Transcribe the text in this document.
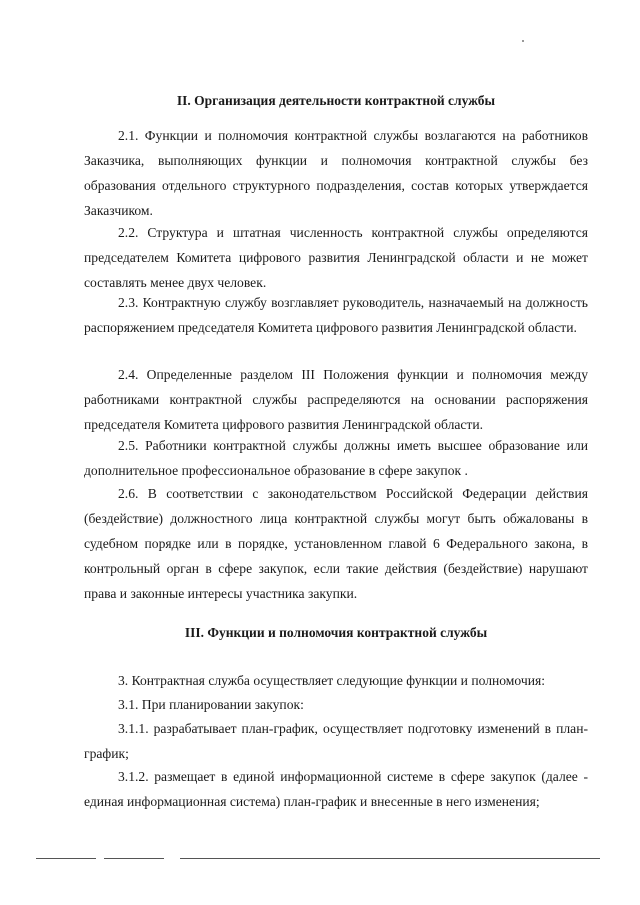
II. Организация деятельности контрактной службы

2.1. Функции и полномочия контрактной службы возлагаются на работников Заказчика, выполняющих функции и полномочия контрактной службы без образования отдельного структурного подразделения, состав которых утверждается Заказчиком.

2.2. Структура и штатная численность контрактной службы определяются председателем Комитета цифрового развития Ленинградской области и не может составлять менее двух человек.

2.3. Контрактную службу возглавляет руководитель, назначаемый на должность распоряжением председателя Комитета цифрового развития Ленинградской области.

2.4. Определенные разделом III Положения функции и полномочия между работниками контрактной службы распределяются на основании распоряжения председателя Комитета цифрового развития Ленинградской области.

2.5. Работники контрактной службы должны иметь высшее образование или дополнительное профессиональное образование в сфере закупок .

2.6. В соответствии с законодательством Российской Федерации действия (бездействие) должностного лица контрактной службы могут быть обжалованы в судебном порядке или в порядке, установленном главой 6 Федерального закона, в контрольный орган в сфере закупок, если такие действия (бездействие) нарушают права и законные интересы участника закупки.

III. Функции и полномочия контрактной службы

3. Контрактная служба осуществляет следующие функции и полномочия:

3.1. При планировании закупок:

3.1.1. разрабатывает план-график, осуществляет подготовку изменений в план-график;

3.1.2. размещает в единой информационной системе в сфере закупок (далее - единая информационная система) план-график и внесенные в него изменения;
